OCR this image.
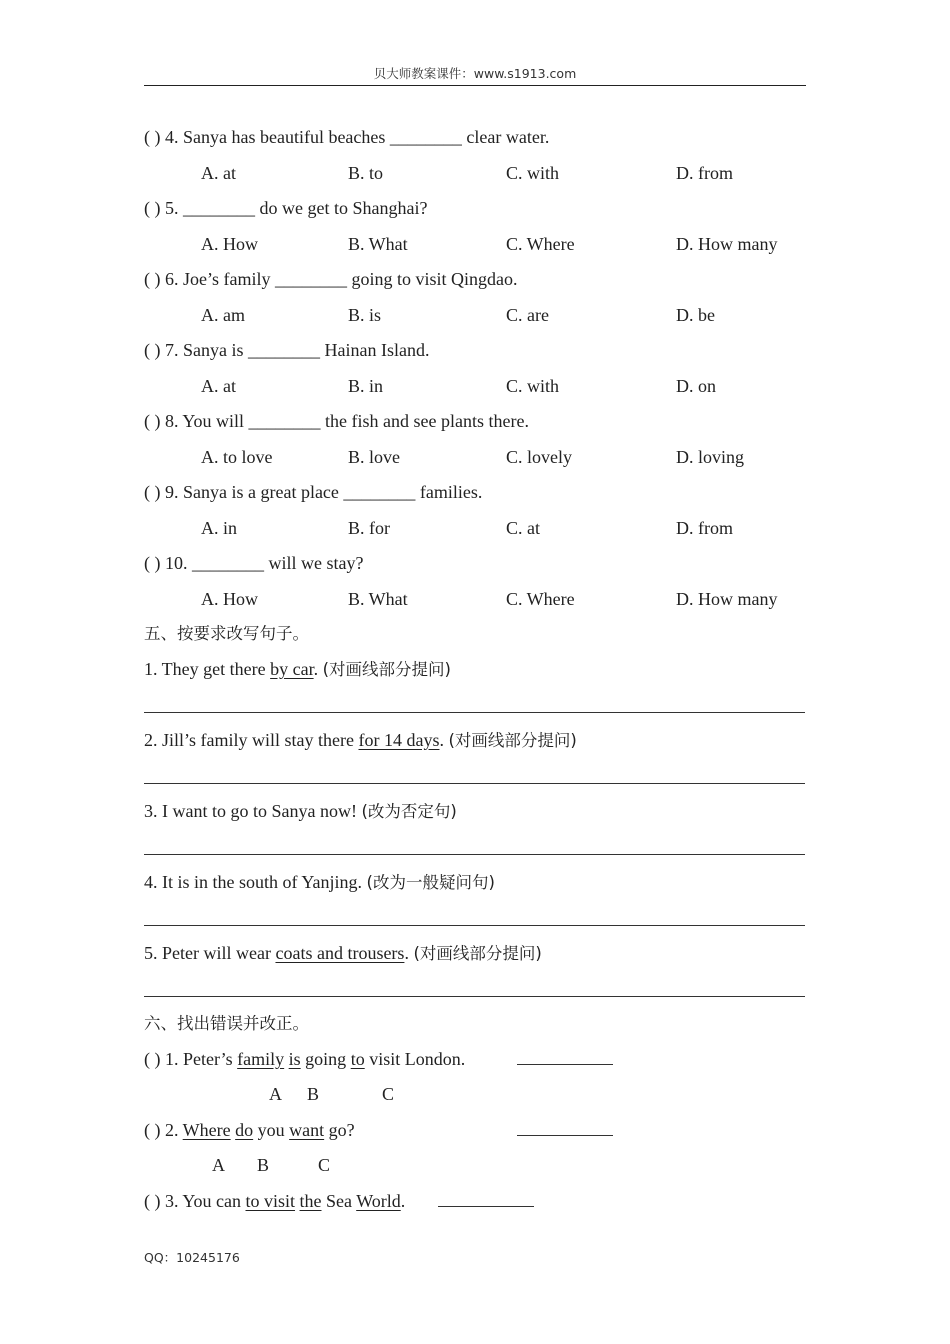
贝大师教案课件：www.s1913.com
( ) 4. Sanya has beautiful beaches ________ clear water.
A. at	B. to	C. with	D. from
( ) 5. ________ do we get to Shanghai?
A. How	B. What	C. Where	D. How many
( ) 6. Joe’s family ________ going to visit Qingdao.
A. am	B. is	C. are	D. be
( ) 7. Sanya is ________ Hainan Island.
A. at	B. in	C. with	D. on
( ) 8. You will ________ the fish and see plants there.
A. to love	B. love	C. lovely	D. loving
( ) 9. Sanya is a great place ________ families.
A. in	B. for	C. at	D. from
( ) 10. ________ will we stay?
A. How	B. What	C. Where	D. How many
五、按要求改写句子。
1. They get there by car. (对画线部分提问)
2. Jill’s family will stay there for 14 days. (对画线部分提问)
3. I want to go to Sanya now! (改为否定句)
4. It is in the south of Yanjing. (改为一般疑问句)
5. Peter will wear coats and trousers. (对画线部分提问)
六、找出错误并改正。
( ) 1. Peter’s family is going to visit London.
A B	C
( ) 2. Where do you want go?
A B	C
( ) 3. You can to visit the Sea World.
QQ：10245176
